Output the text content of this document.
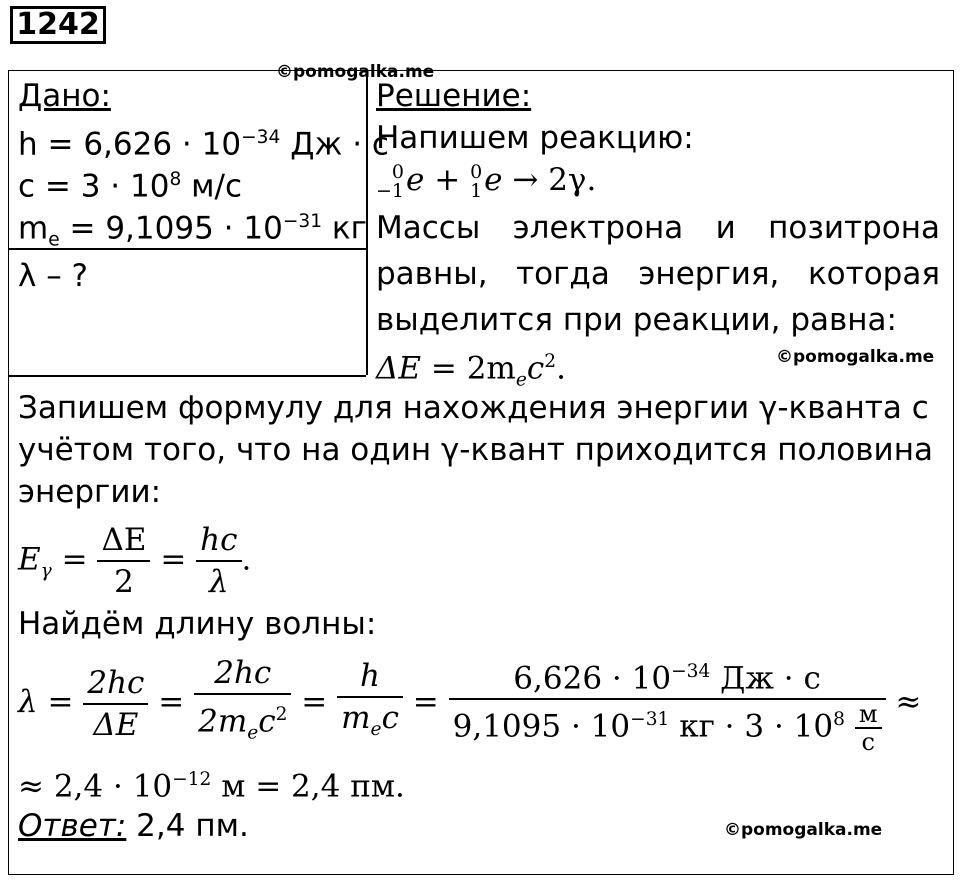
1242
©pomogalka.me
©pomogalka.me
©pomogalka.me
Дано:
$h = 6,626 \cdot 10^{-34}$ Дж · с
$c = 3 \cdot 10^8$ м/с
$m_e = 9,1095 \cdot 10^{-31}$ кг
λ – ?
Решение:
Напишем реакцию:
0
−1 e + 0
1 e → 2γ.
Массы электрона и позитрона
равны, тогда энергия, которая
выделится при реакции, равна:
$\Delta E = 2m_ec^2$.
Запишем формулу для нахождения энергии γ-кванта с
учётом того, что на один γ-квант приходится половина
энергии:
$E_\gamma = \frac{\Delta E}{2} = \frac{hc}{\lambda}$ .
Найдём длину волны:
$\lambda = \frac{2hc}{\Delta E} = \frac{2hc}{2m_ec^2} = \frac{h}{m_ec} = \frac{6,626 \cdot 10^{-34} Дж \cdot с}{9,1095 \cdot 10^{-31} кг \cdot 3 \cdot 10^8 \frac{м}{с}}$ ≈
≈ $2,4 \cdot 10^{-12}$ м = 2,4 пм.
Ответ: 2,4 пм.
